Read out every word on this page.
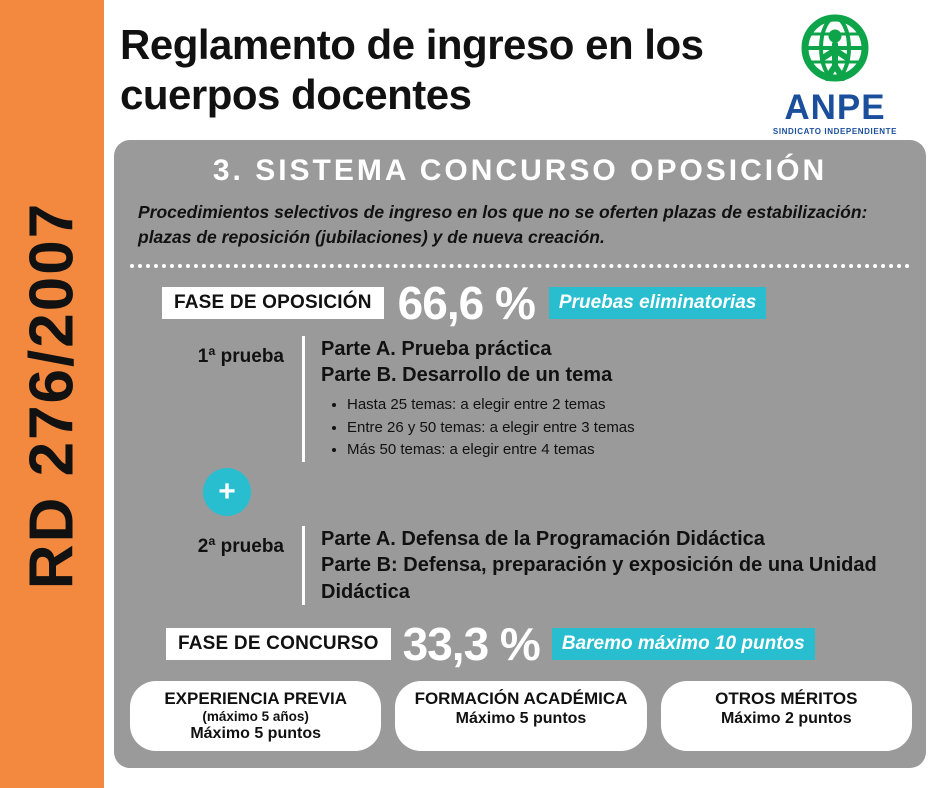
RD 276/2007
Reglamento de ingreso en los cuerpos docentes	ANPE
SINDICATO INDEPENDIENTE
3. SISTEMA CONCURSO OPOSICIÓN
Procedimientos selectivos de ingreso en los que no se oferten plazas de estabilización: plazas de reposición (jubilaciones) y de nueva creación.
FASE DE OPOSICIÓN 66,6 %	Pruebas eliminatorias
1ª prueba	Parte A. Prueba práctica
Parte B. Desarrollo de un tema
• Hasta 25 temas: a elegir entre 2 temas
• Entre 26 y 50 temas: a elegir entre 3 temas
• Más 50 temas: a elegir entre 4 temas
+
2ª prueba	Parte A. Defensa de la Programación Didáctica
Parte B: Defensa, preparación y exposición de una Unidad Didáctica
FASE DE CONCURSO 33,3 %	Baremo máximo 10 puntos
EXPERIENCIA PREVIA
(máximo 5 años)
Máximo 5 puntos
FORMACIÓN ACADÉMICA
Máximo 5 puntos
OTROS MÉRITOS
Máximo 2 puntos
